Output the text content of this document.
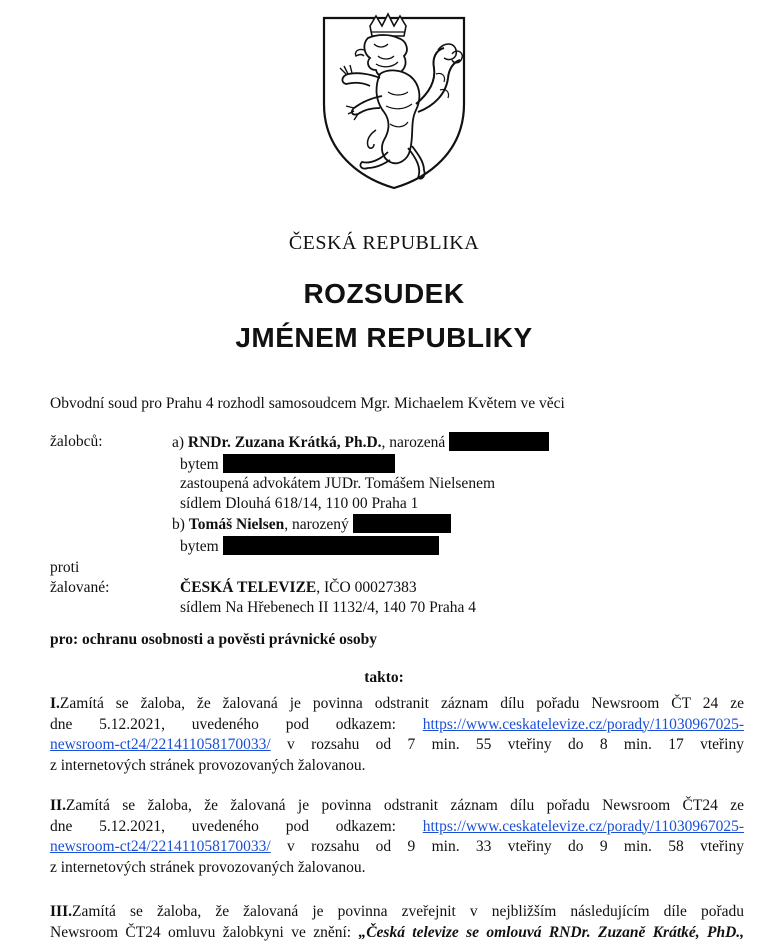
ČESKÁ REPUBLIKA
ROZSUDEK
JMÉNEM REPUBLIKY
Obvodní soud pro Prahu 4 rozhodl samosoudcem Mgr. Michaelem Květem ve věci
žalobců:	a) RNDr. Zuzana Krátká, Ph.D., narozená
bytem
zastoupená advokátem JUDr. Tomášem Nielsenem
sídlem Dlouhá 618/14, 110 00 Praha 1
b) Tomáš Nielsen, narozený
bytem
proti
žalované:	ČESKÁ TELEVIZE, IČO 00027383
sídlem Na Hřebenech II 1132/4, 140 70 Praha 4
pro: ochranu osobnosti a pověsti právnické osoby
takto:
I.Zamítá se žaloba, že žalovaná je povinna odstranit záznam dílu pořadu Newsroom ČT 24 ze
dne 5.12.2021, uvedeného pod odkazem: https://www.ceskatelevize.cz/porady/11030967025-
newsroom-ct24/221411058170033/ v rozsahu od 7 min. 55 vteřiny do 8 min. 17 vteřiny
z internetových stránek provozovaných žalovanou.
II.Zamítá se žaloba, že žalovaná je povinna odstranit záznam dílu pořadu Newsroom ČT24 ze
dne 5.12.2021, uvedeného pod odkazem: https://www.ceskatelevize.cz/porady/11030967025-
newsroom-ct24/221411058170033/ v rozsahu od 9 min. 33 vteřiny do 9 min. 58 vteřiny
z internetových stránek provozovaných žalovanou.
III.Zamítá se žaloba, že žalovaná je povinna zveřejnit v nejbližším následujícím díle pořadu
Newsroom ČT24 omluvu žalobkyni ve znění: „Česká televize se omlouvá RNDr. Zuzaně Krátké, PhD.,
